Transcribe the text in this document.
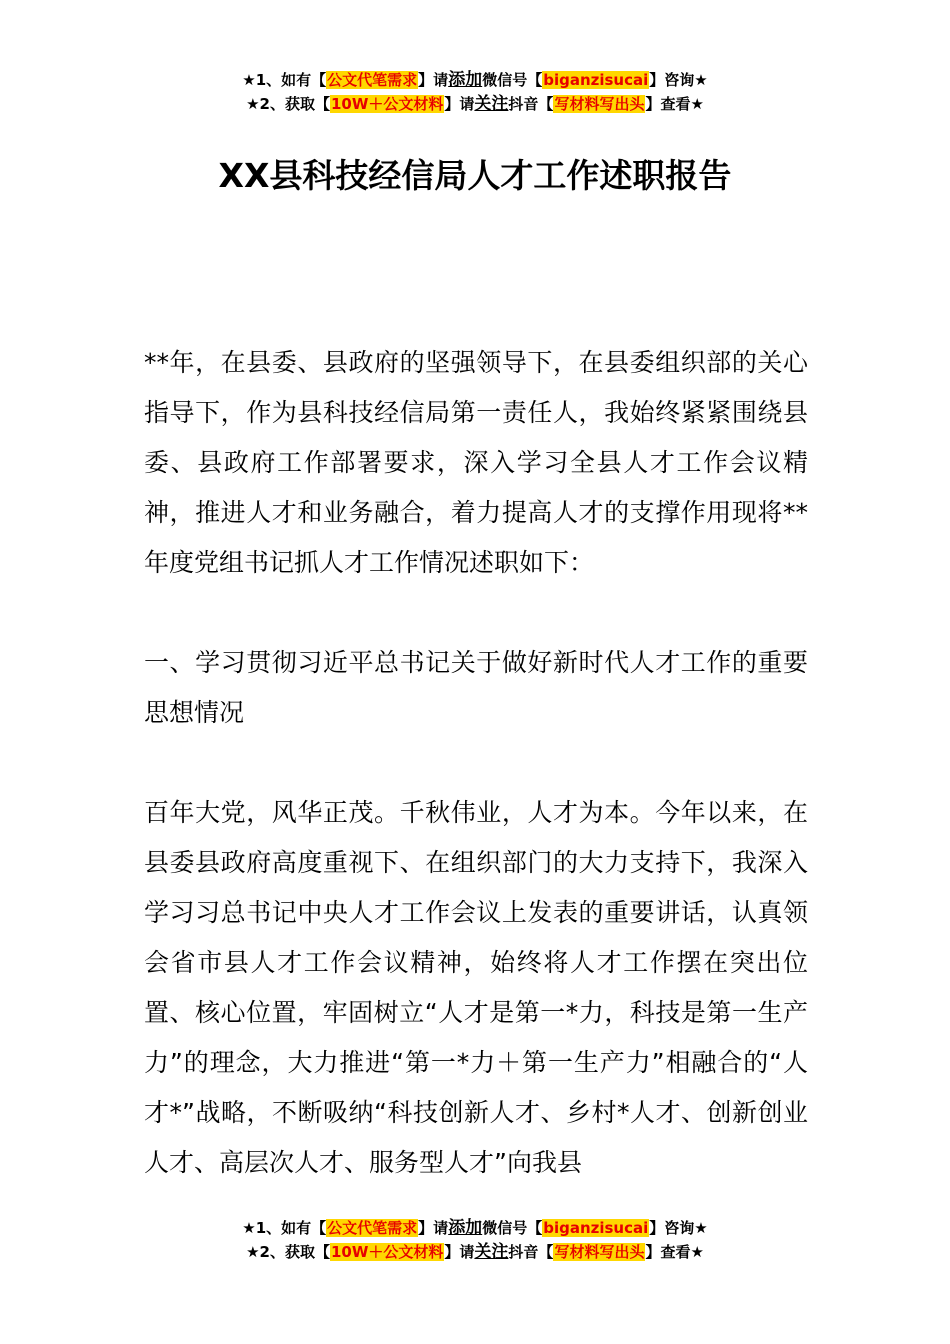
★1、如有【公文代笔需求】请添加微信号【biganzisucai】咨询★
★2、获取【10W＋公文材料】请关注抖音【写材料写出头】查看★
XX县科技经信局人才工作述职报告

**年，在县委、县政府的坚强领导下，在县委组织部的关心指导下，作为县科技经信局第一责任人，我始终紧紧围绕县委、县政府工作部署要求，深入学习全县人才工作会议精神，推进人才和业务融合，着力提高人才的支撑作用现将**年度党组书记抓人才工作情况述职如下：

一、学习贯彻习近平总书记关于做好新时代人才工作的重要思想情况

百年大党，风华正茂。千秋伟业，人才为本。今年以来，在县委县政府高度重视下、在组织部门的大力支持下，我深入学习习总书记中央人才工作会议上发表的重要讲话，认真领会省市县人才工作会议精神，始终将人才工作摆在突出位置、核心位置，牢固树立“人才是第一*力，科技是第一生产力”的理念，大力推进“第一*力＋第一生产力”相融合的“人才*”战略，不断吸纳“科技创新人才、乡村*人才、创新创业人才、高层次人才、服务型人才”向我县

★1、如有【公文代笔需求】请添加微信号【biganzisucai】咨询★
★2、获取【10W＋公文材料】请关注抖音【写材料写出头】查看★
